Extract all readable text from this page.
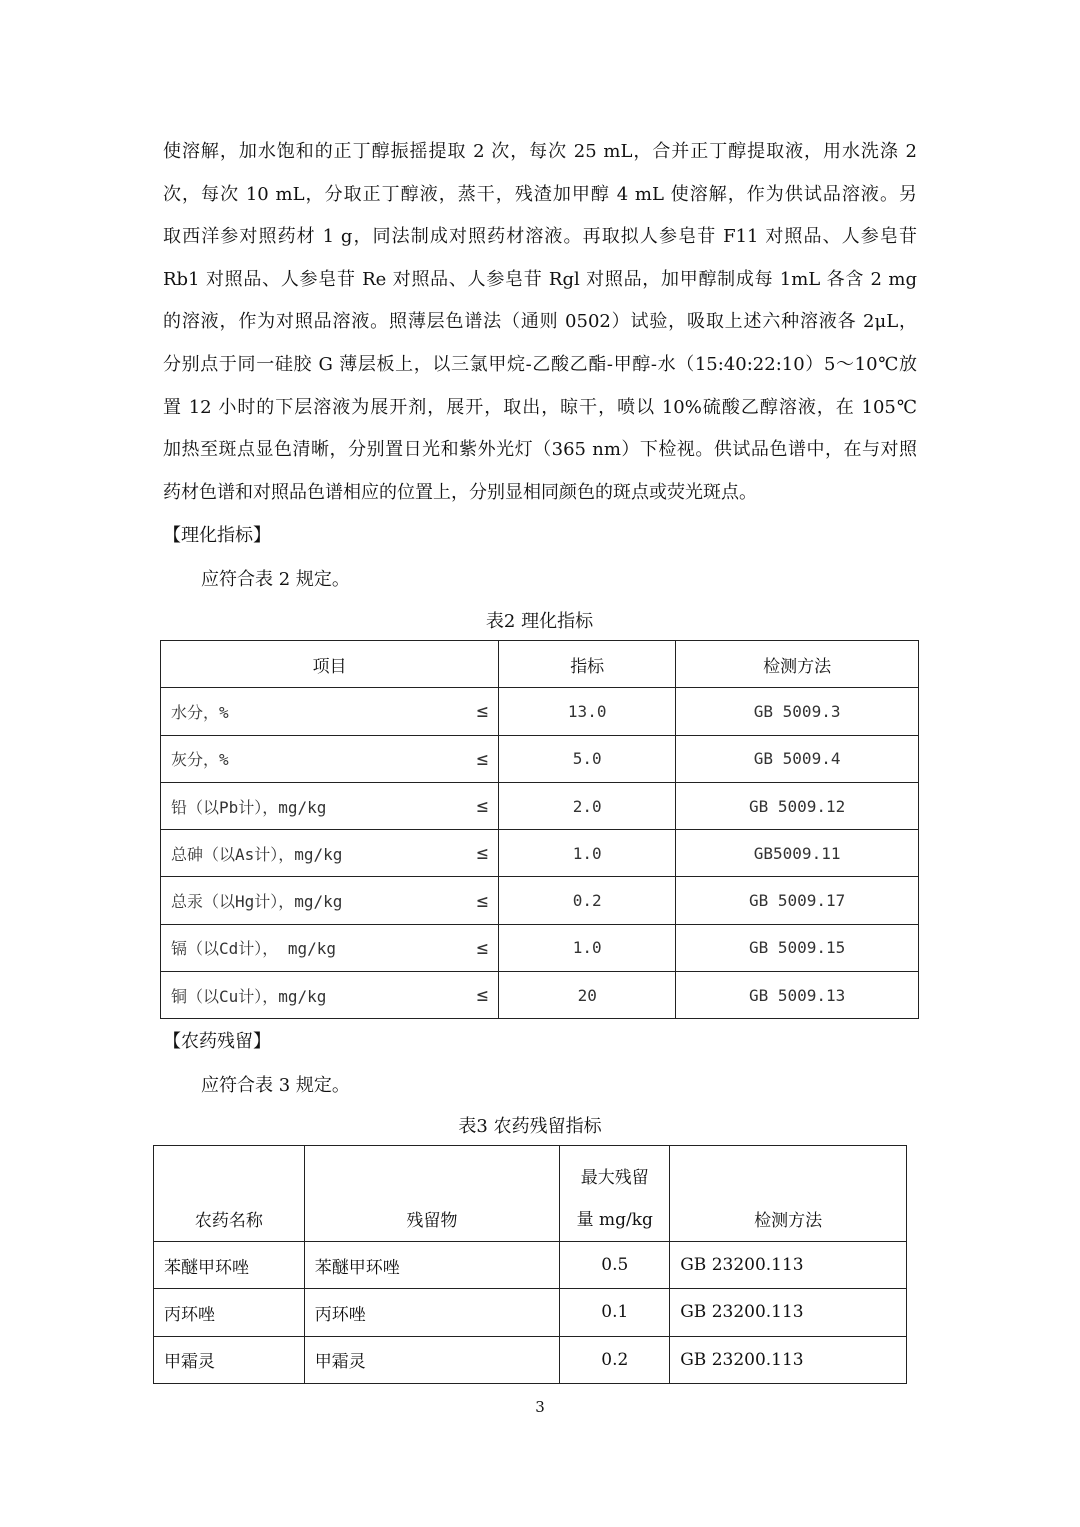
使溶解，加水饱和的正丁醇振摇提取 2 次，每次 25 mL，合并正丁醇提取液，用水洗涤 2
次，每次 10 mL，分取正丁醇液，蒸干，残渣加甲醇 4 mL 使溶解，作为供试品溶液。另
取西洋参对照药材 1 g，同法制成对照药材溶液。再取拟人参皂苷 F11 对照品、人参皂苷
Rb1 对照品、人参皂苷 Re 对照品、人参皂苷 Rgl 对照品，加甲醇制成每 1mL 各含 2 mg
的溶液，作为对照品溶液。照薄层色谱法（通则 0502）试验，吸取上述六种溶液各 2μL，
分别点于同一硅胶 G 薄层板上，以三氯甲烷-乙酸乙酯-甲醇-水（15:40:22:10）5～10℃放
置 12 小时的下层溶液为展开剂，展开，取出，晾干，喷以 10%硫酸乙醇溶液，在 105℃
加热至斑点显色清晰，分别置日光和紫外光灯（365 nm）下检视。供试品色谱中，在与对照
药材色谱和对照品色谱相应的位置上，分别显相同颜色的斑点或荧光斑点。

【理化指标】

应符合表 2 规定。

表2 理化指标

项目	指标	检测方法
水分，% ≤	13.0	GB 5009.3
灰分，% ≤	5.0	GB 5009.4
铅（以Pb计），mg/kg ≤	2.0	GB 5009.12
总砷（以As计），mg/kg ≤	1.0	GB5009.11
总汞（以Hg计），mg/kg ≤	0.2	GB 5009.17
镉（以Cd计）， mg/kg ≤	1.0	GB 5009.15
铜（以Cu计），mg/kg ≤	20	GB 5009.13

【农药残留】

应符合表 3 规定。

表3 农药残留指标

农药名称	残留物	最大残留
量 mg/kg	检测方法
苯醚甲环唑	苯醚甲环唑	0.5	GB 23200.113
丙环唑	丙环唑	0.1	GB 23200.113
甲霜灵	甲霜灵	0.2	GB 23200.113
3
